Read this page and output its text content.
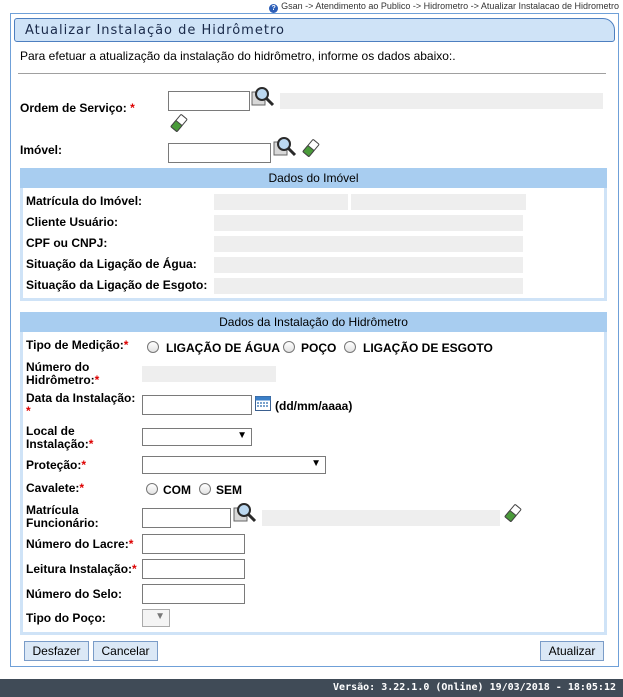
? Gsan -> Atendimento ao Publico -> Hidrometro -> Atualizar Instalacao de Hidrometro
Atualizar Instalação de Hidrômetro
Para efetuar a atualização da instalação do hidrômetro, informe os dados abaixo:.
Ordem de Serviço: *
Imóvel:
Dados do Imóvel
Matrícula do Imóvel:
Cliente Usuário:
CPF ou CNPJ:
Situação da Ligação de Água:
Situação da Ligação de Esgoto:
Dados da Instalação do Hidrômetro
Tipo de Medição:*	LIGAÇÃO DE ÁGUA POÇO LIGAÇÃO DE ESGOTO
Número do
Hidrômetro:*
Data da Instalação:
*	(dd/mm/aaaa)
Local de
Instalação:*
▼
Proteção:*	▼
Cavalete:*	COM SEM
Matrícula
Funcionário:
Número do Lacre:*
Leitura Instalação:*
Número do Selo:
Tipo do Poço:	▼
Desfazer	Cancelar	Atualizar
Versão: 3.22.1.0 (Online) 19/03/2018 - 18:05:12
